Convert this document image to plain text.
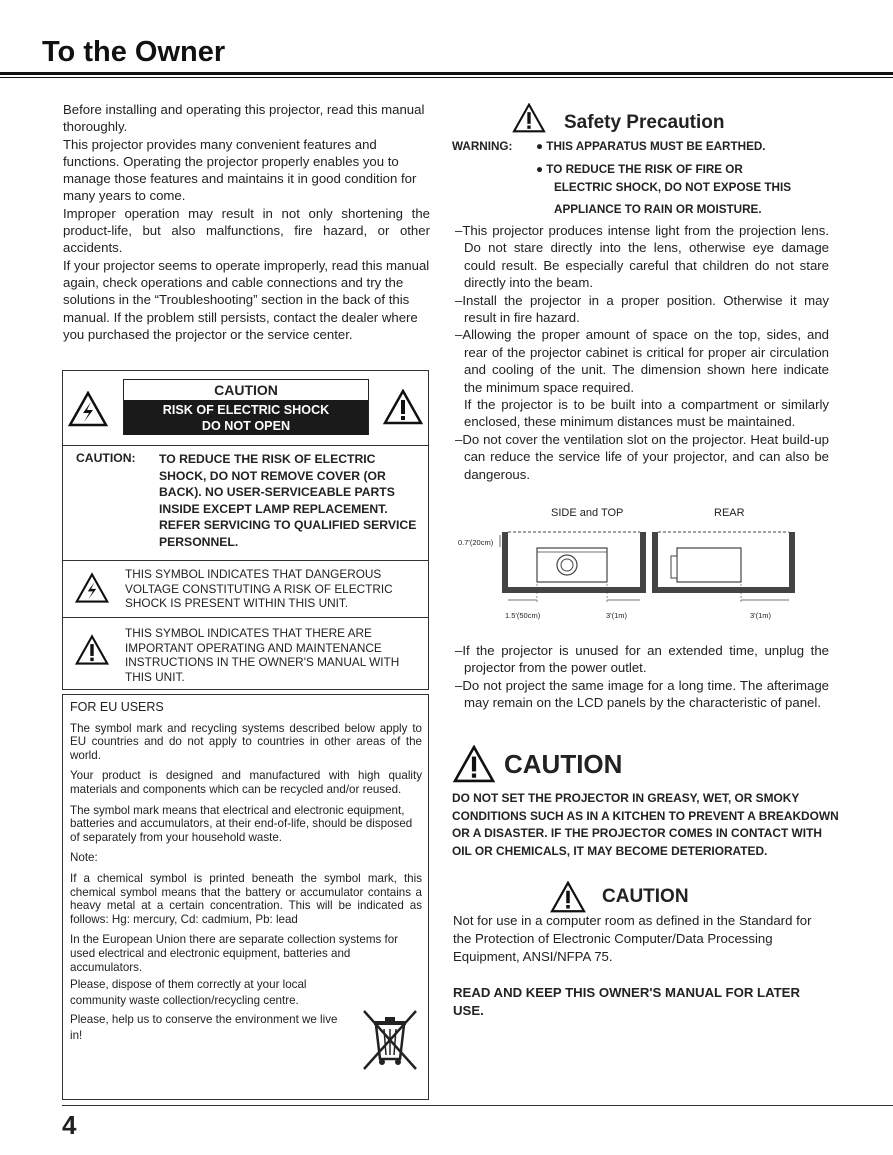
To the Owner

Before installing and operating this projector, read this manual thoroughly.

This projector provides many convenient features and functions. Operating the projector properly enables you to manage those features and maintains it in good condition for many years to come.

Improper operation may result in not only shortening the product-life, but also malfunctions, fire hazard, or other accidents.

If your projector seems to operate improperly, read this manual again, check operations and cable connections and try the solutions in the “Troubleshooting” section in the back of this manual. If the problem still persists, contact the dealer where you purchased the projector or the service center.

CAUTION
RISK OF ELECTRIC SHOCK
DO NOT OPEN
CAUTION: TO REDUCE THE RISK OF ELECTRIC SHOCK, DO NOT REMOVE COVER (OR BACK). NO USER-SERVICEABLE PARTS INSIDE EXCEPT LAMP REPLACEMENT. REFER SERVICING TO QUALIFIED SERVICE PERSONNEL.
THIS SYMBOL INDICATES THAT DANGEROUS VOLTAGE CONSTITUTING A RISK OF ELECTRIC SHOCK IS PRESENT WITHIN THIS UNIT.
THIS SYMBOL INDICATES THAT THERE ARE IMPORTANT OPERATING AND MAINTENANCE INSTRUCTIONS IN THE OWNER'S MANUAL WITH THIS UNIT.

FOR EU USERS

The symbol mark and recycling systems described below apply to EU countries and do not apply to countries in other areas of the world.

Your product is designed and manufactured with high quality materials and components which can be recycled and/or reused.

The symbol mark means that electrical and electronic equipment, batteries and accumulators, at their end-of-life, should be disposed of separately from your household waste.

Note:

If a chemical symbol is printed beneath the symbol mark, this chemical symbol means that the battery or accumulator contains a heavy metal at a certain concentration. This will be indicated as follows: Hg: mercury, Cd: cadmium, Pb: lead

In the European Union there are separate collection systems for used electrical and electronic equipment, batteries and accumulators.

Please, dispose of them correctly at your local community waste collection/recycling centre.

Please, help us to conserve the environment we live in!

Safety Precaution
WARNING: ● THIS APPARATUS MUST BE EARTHED.
● TO REDUCE THE RISK OF FIRE OR
ELECTRIC SHOCK, DO NOT EXPOSE THIS
APPLIANCE TO RAIN OR MOISTURE.

–This projector produces intense light from the projection lens. Do not stare directly into the lens, otherwise eye damage could result. Be especially careful that children do not stare directly into the beam.

–Install the projector in a proper position. Otherwise it may result in fire hazard.

–Allowing the proper amount of space on the top, sides, and rear of the projector cabinet is critical for proper air circulation and cooling of the unit. The dimension shown here indicate the minimum space required.

If the projector is to be built into a compartment or similarly enclosed, these minimum distances must be maintained.

–Do not cover the ventilation slot on the projector. Heat build-up can reduce the service life of your projector, and can also be dangerous.

SIDE and TOP	REAR
0.7'(20cm)
1.5'(50cm)	3'(1m)	3'(1m)

–If the projector is unused for an extended time, unplug the projector from the power outlet.

–Do not project the same image for a long time. The afterimage may remain on the LCD panels by the characteristic of panel.

CAUTION
DO NOT SET THE PROJECTOR IN GREASY, WET, OR SMOKY CONDITIONS SUCH AS IN A KITCHEN TO PREVENT A BREAKDOWN OR A DISASTER. IF THE PROJECTOR COMES IN CONTACT WITH OIL OR CHEMICALS, IT MAY BECOME DETERIORATED.
CAUTION
Not for use in a computer room as defined in the Standard for the Protection of Electronic Computer/Data Processing Equipment, ANSI/NFPA 75.
READ AND KEEP THIS OWNER'S MANUAL FOR LATER USE.
4
